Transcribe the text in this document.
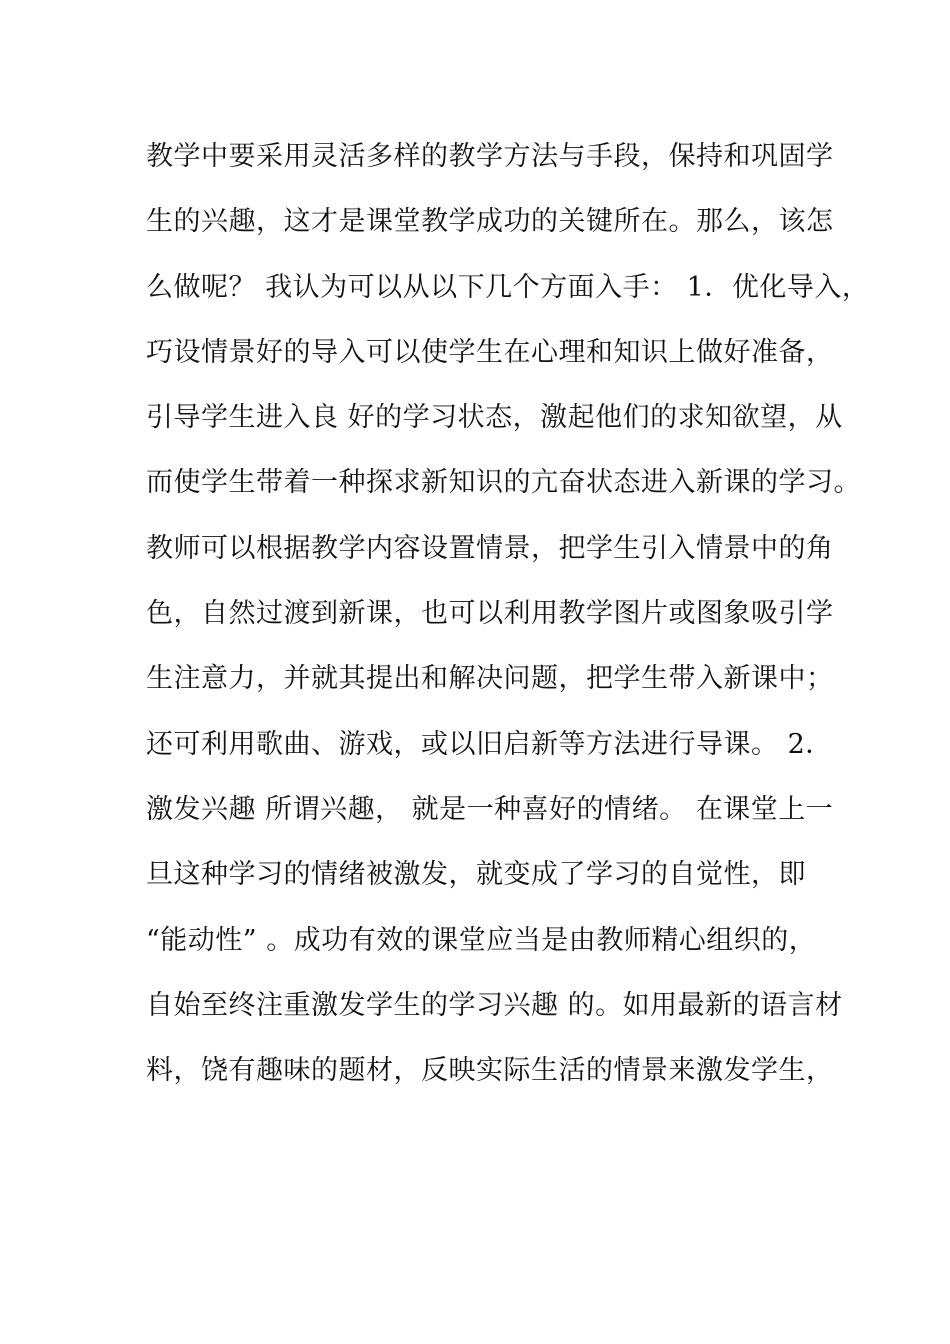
教学中要采用灵活多样的教学方法与手段，保持和巩固学
生的兴趣，这才是课堂教学成功的关键所在。那么，该怎
么做呢？ 我认为可以从以下几个方面入手： 1．优化导入，
巧设情景好的导入可以使学生在心理和知识上做好准备，
引导学生进入良 好的学习状态，激起他们的求知欲望，从
而使学生带着一种探求新知识的亢奋状态进入新课的学习。
教师可以根据教学内容设置情景，把学生引入情景中的角
色，自然过渡到新课，也可以利用教学图片或图象吸引学
生注意力，并就其提出和解决问题，把学生带入新课中；
还可利用歌曲、游戏，或以旧启新等方法进行导课。 2．
激发兴趣 所谓兴趣， 就是一种喜好的情绪。 在课堂上一
旦这种学习的情绪被激发，就变成了学习的自觉性，即
“能动性” 。成功有效的课堂应当是由教师精心组织的，
自始至终注重激发学生的学习兴趣 的。如用最新的语言材
料，饶有趣味的题材，反映实际生活的情景来激发学生，
